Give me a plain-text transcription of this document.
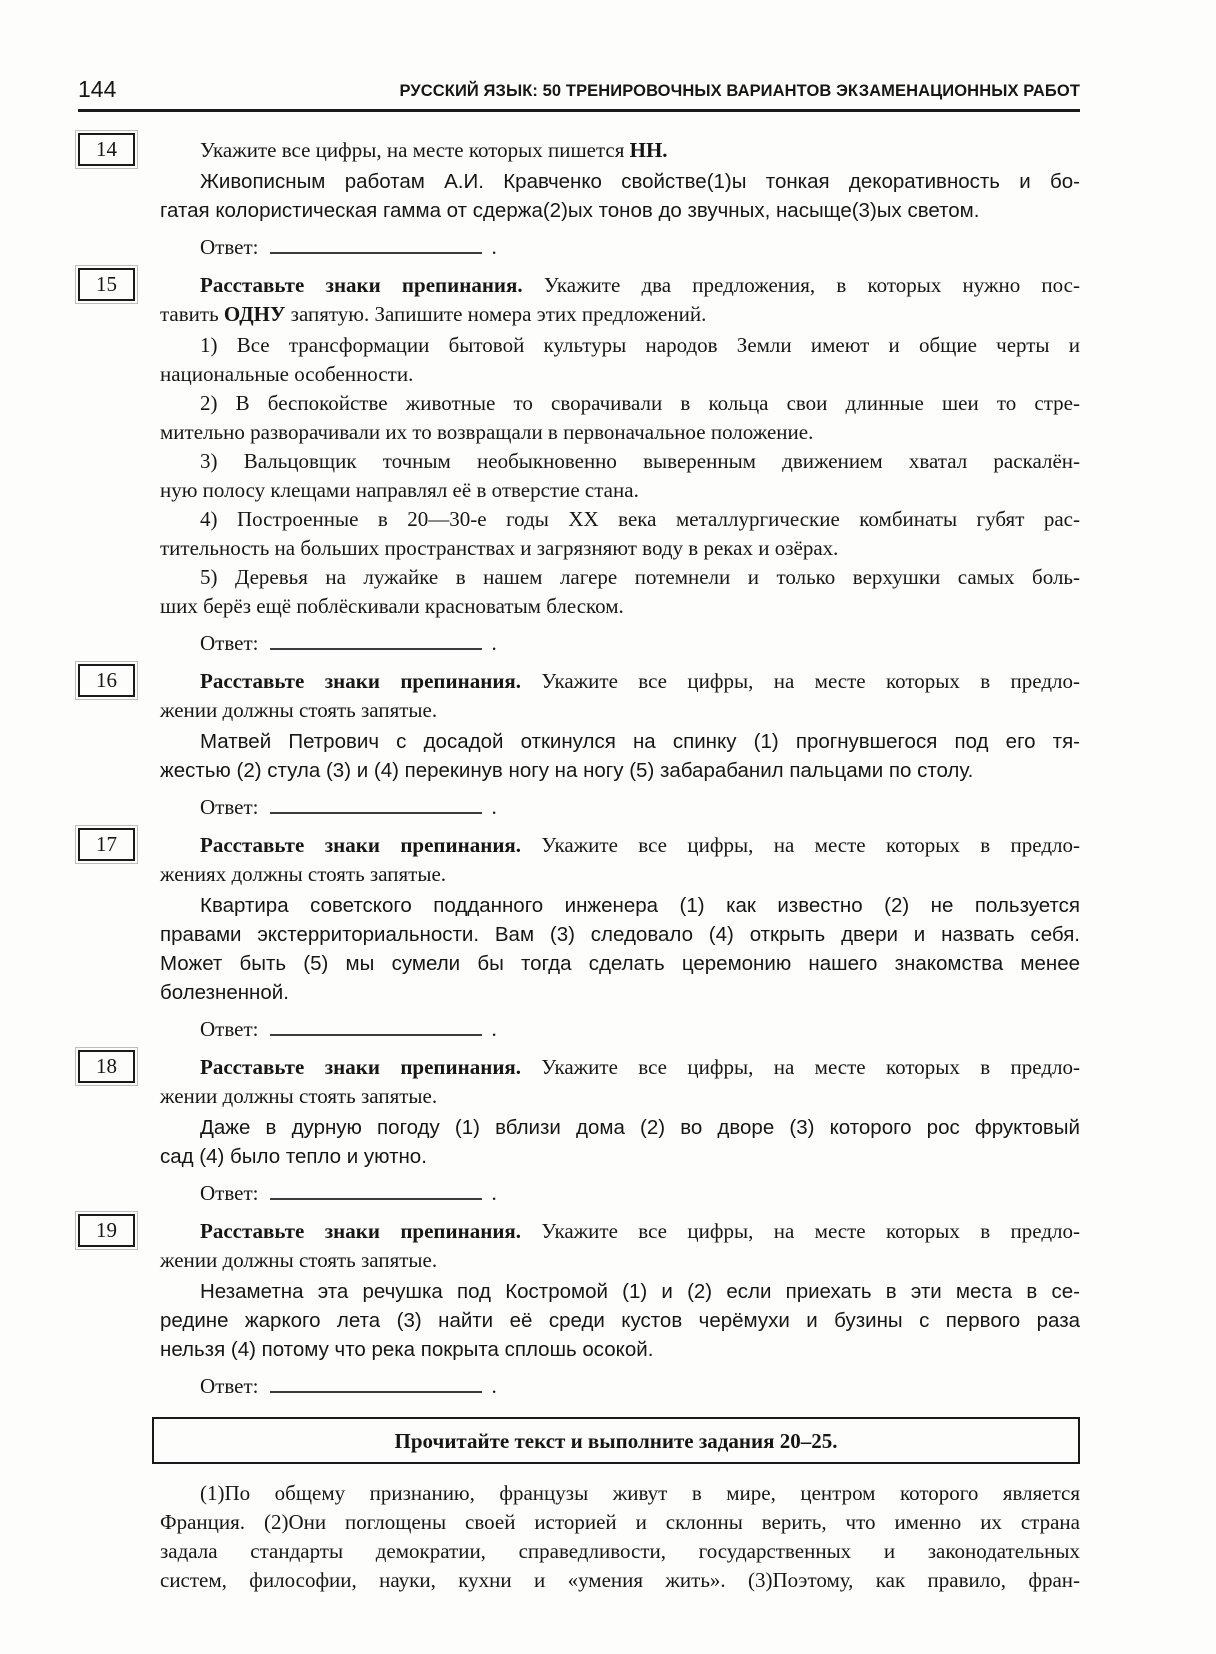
144	РУССКИЙ ЯЗЫК: 50 ТРЕНИРОВОЧНЫХ ВАРИАНТОВ ЭКЗАМЕНАЦИОННЫХ РАБОТ
14	Укажите все цифры, на месте которых пишется НН.
Живописным работам А.И. Кравченко свойстве(1)ы тонкая декоративность и бо-
гатая колористическая гамма от сдержа(2)ых тонов до звучных, насыще(3)ых светом.
Ответ:	.
15	Расставьте знаки препинания. Укажите два предложения, в которых нужно пос-
тавить ОДНУ запятую. Запишите номера этих предложений.
1) Все трансформации бытовой культуры народов Земли имеют и общие черты и
национальные особенности.
2) В беспокойстве животные то сворачивали в кольца свои длинные шеи то стре-
мительно разворачивали их то возвращали в первоначальное положение.
3) Вальцовщик точным необыкновенно выверенным движением хватал раскалён-
ную полосу клещами направлял её в отверстие стана.
4) Построенные в 20—30-е годы XX века металлургические комбинаты губят рас-
тительность на больших пространствах и загрязняют воду в реках и озёрах.
5) Деревья на лужайке в нашем лагере потемнели и только верхушки самых боль-
ших берёз ещё поблёскивали красноватым блеском.
Ответ:	.
16	Расставьте знаки препинания. Укажите все цифры, на месте которых в предло-
жении должны стоять запятые.
Матвей Петрович с досадой откинулся на спинку (1) прогнувшегося под его тя-
жестью (2) стула (3) и (4) перекинув ногу на ногу (5) забарабанил пальцами по столу.
Ответ:	.
17	Расставьте знаки препинания. Укажите все цифры, на месте которых в предло-
жениях должны стоять запятые.
Квартира советского подданного инженера (1) как известно (2) не пользуется
правами экстерриториальности. Вам (3) следовало (4) открыть двери и назвать себя.
Может быть (5) мы сумели бы тогда сделать церемонию нашего знакомства менее
болезненной.
Ответ:	.
18	Расставьте знаки препинания. Укажите все цифры, на месте которых в предло-
жении должны стоять запятые.
Даже в дурную погоду (1) вблизи дома (2) во дворе (3) которого рос фруктовый
сад (4) было тепло и уютно.
Ответ:	.
19	Расставьте знаки препинания. Укажите все цифры, на месте которых в предло-
жении должны стоять запятые.
Незаметна эта речушка под Костромой (1) и (2) если приехать в эти места в се-
редине жаркого лета (3) найти её среди кустов черёмухи и бузины с первого раза
нельзя (4) потому что река покрыта сплошь осокой.
Ответ:	.
Прочитайте текст и выполните задания 20–25.
(1)По общему признанию, французы живут в мире, центром которого является
Франция. (2)Они поглощены своей историей и склонны верить, что именно их страна
задала стандарты демократии, справедливости, государственных и законодательных
систем, философии, науки, кухни и «умения жить». (3)Поэтому, как правило, фран-
